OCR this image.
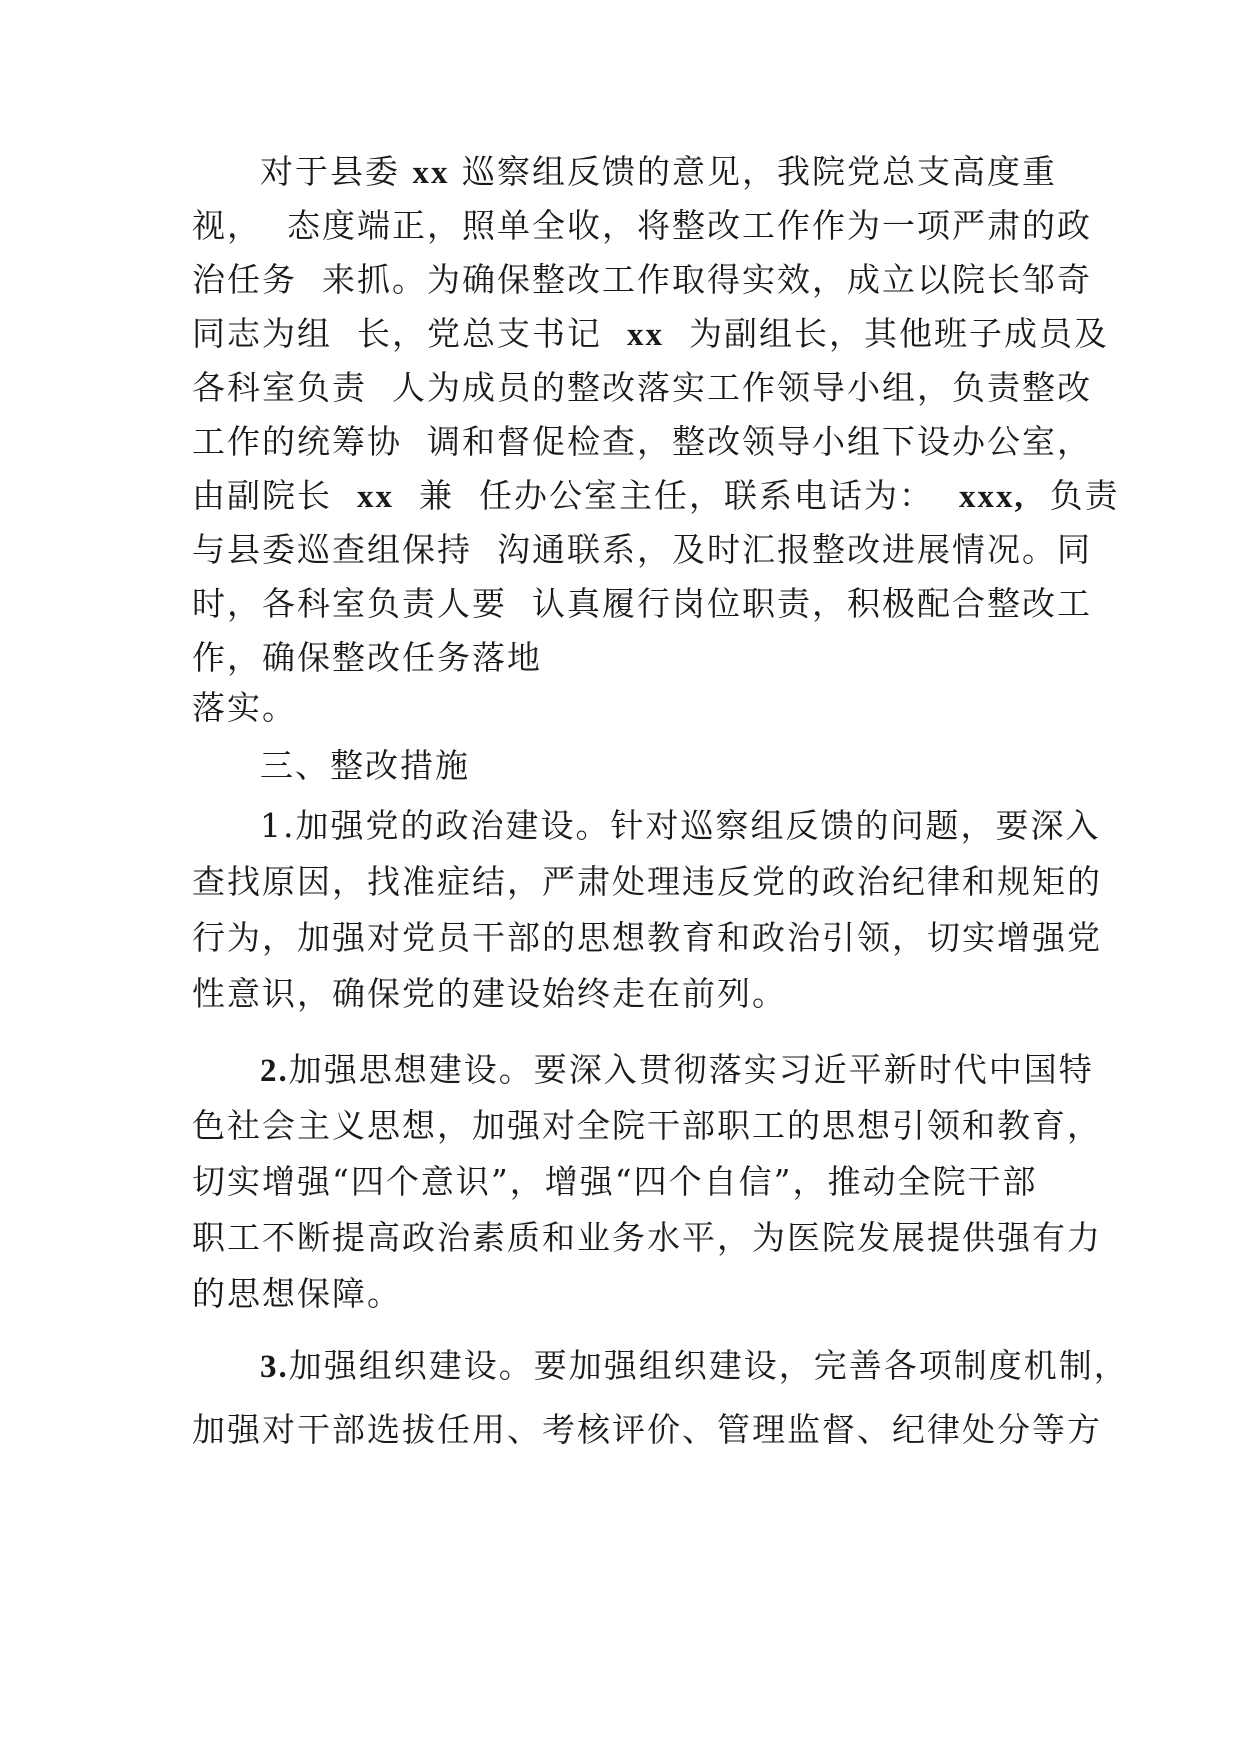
对于县委 xx 巡察组反馈的意见，我院党总支高度重
视，  态度端正，照单全收，将整改工作作为一项严肃的政
治任务  来抓。为确保整改工作取得实效，成立以院长邹奇
同志为组  长，党总支书记  xx  为副组长，其他班子成员及
各科室负责  人为成员的整改落实工作领导小组，负责整改
工作的统筹协  调和督促检查，整改领导小组下设办公室，
由副院长  xx  兼  任办公室主任，联系电话为：  xxx,  负责
与县委巡查组保持  沟通联系，及时汇报整改进展情况。同
时，各科室负责人要  认真履行岗位职责，积极配合整改工
作，确保整改任务落地
落实。
三、整改措施
1.加强党的政治建设。针对巡察组反馈的问题，要深入
查找原因，找准症结，严肃处理违反党的政治纪律和规矩的
行为，加强对党员干部的思想教育和政治引领，切实增强党
性意识，确保党的建设始终走在前列。
2.加强思想建设。要深入贯彻落实习近平新时代中国特
色社会主义思想，加强对全院干部职工的思想引领和教育，
切实增强“四个意识”，增强“四个自信”，推动全院干部
职工不断提高政治素质和业务水平，为医院发展提供强有力
的思想保障。
3.加强组织建设。要加强组织建设，完善各项制度机制，
加强对干部选拔任用、考核评价、管理监督、纪律处分等方
